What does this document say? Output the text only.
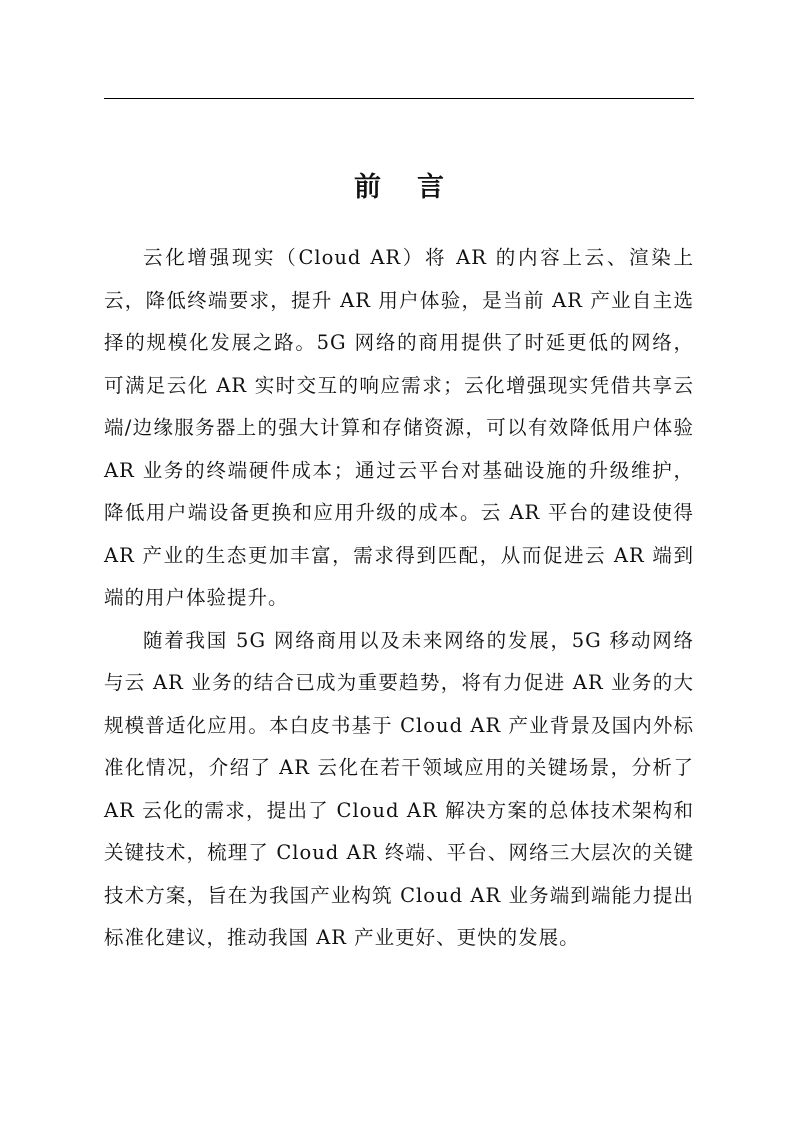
前言

云化增强现实（Cloud AR）将 AR 的内容上云、渲染上云，降低终端要求，提升 AR 用户体验，是当前 AR 产业自主选择的规模化发展之路。5G 网络的商用提供了时延更低的网络，可满足云化 AR 实时交互的响应需求；云化增强现实凭借共享云端/边缘服务器上的强大计算和存储资源，可以有效降低用户体验 AR 业务的终端硬件成本；通过云平台对基础设施的升级维护，降低用户端设备更换和应用升级的成本。云 AR 平台的建设使得 AR 产业的生态更加丰富，需求得到匹配，从而促进云 AR 端到端的用户体验提升。

随着我国 5G 网络商用以及未来网络的发展，5G 移动网络与云 AR 业务的结合已成为重要趋势，将有力促进 AR 业务的大规模普适化应用。本白皮书基于 Cloud AR 产业背景及国内外标准化情况，介绍了 AR 云化在若干领域应用的关键场景，分析了 AR 云化的需求，提出了 Cloud AR 解决方案的总体技术架构和关键技术，梳理了 Cloud AR 终端、平台、网络三大层次的关键技术方案，旨在为我国产业构筑 Cloud AR 业务端到端能力提出标准化建议，推动我国 AR 产业更好、更快的发展。
